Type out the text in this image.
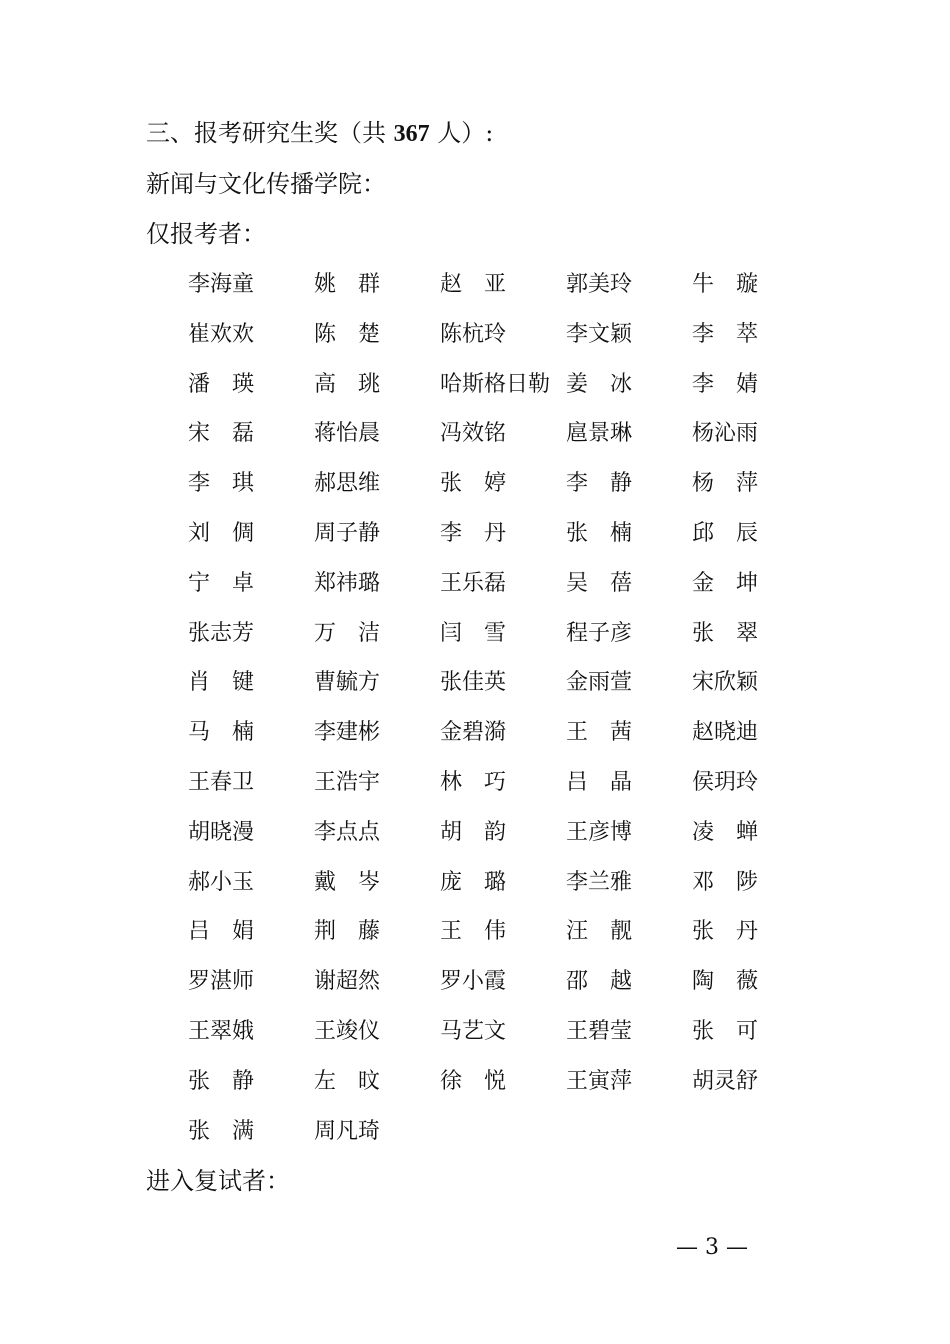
三、报考研究生奖（共 367 人）:
新闻与文化传播学院：
仅报考者：
李海童	姚　群	赵　亚	郭美玲	牛　璇
崔欢欢	陈　楚	陈杭玲	李文颖	李　萃
潘　瑛	高　珧	哈斯格日勒 姜　冰	李　婧
宋　磊	蒋怡晨	冯效铭	扈景琳	杨沁雨
李　琪	郝思维	张　婷	李　静	杨　萍
刘　倜	周子静	李　丹	张　楠	邱　辰
宁　卓	郑祎璐	王乐磊	吴　蓓	金　坤
张志芳	万　洁	闫　雪	程子彦	张　翠
肖　键	曹毓方	张佳英	金雨萱	宋欣颖
马　楠	李建彬	金碧漪	王　茜	赵晓迪
王春卫	王浩宇	林　巧	吕　晶	侯玥玲
胡晓漫	李点点	胡　韵	王彦博	凌　蝉
郝小玉	戴　岑	庞　璐	李兰雅	邓　陟
吕　娟	荆　藤	王　伟	汪　靓	张　丹
罗湛师	谢超然	罗小霞	邵　越	陶　薇
王翠娥	王竣仪	马艺文	王碧莹	张　可
张　静	左　旼	徐　悦	王寅萍	胡灵舒
张　满	周凡琦
进入复试者：
— 3 —
